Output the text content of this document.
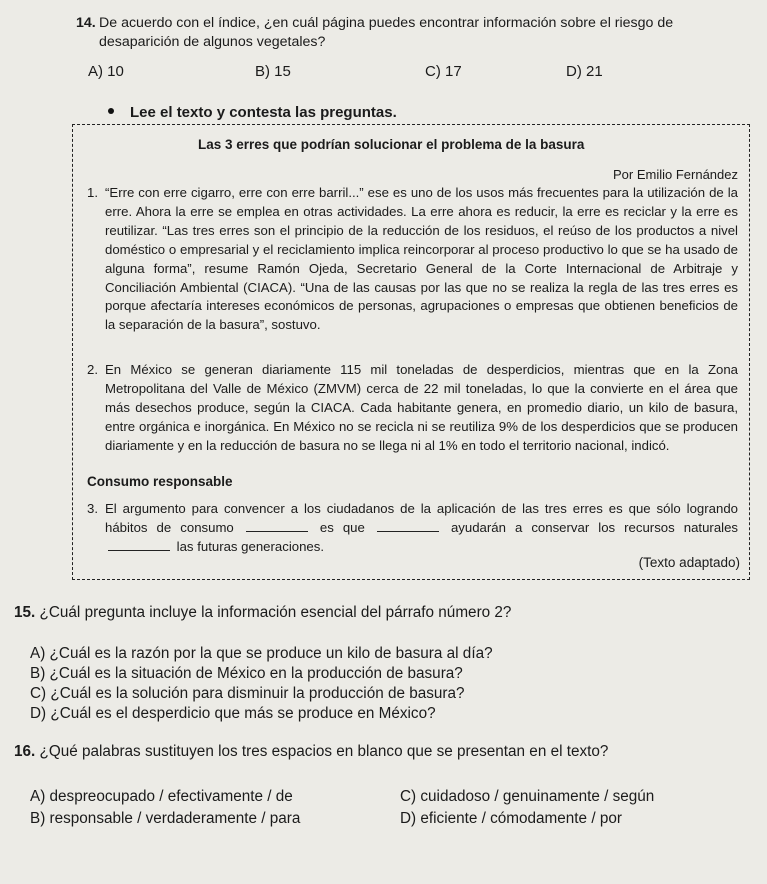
14. De acuerdo con el índice, ¿en cuál página puedes encontrar información sobre el riesgo de desaparición de algunos vegetales?
A) 10	B) 15	C) 17	D) 21
Lee el texto y contesta las preguntas.
Las 3 erres que podrían solucionar el problema de la basura
Por Emilio Fernández
1. “Erre con erre cigarro, erre con erre barril...” ese es uno de los usos más frecuentes para la utilización de la erre. Ahora la erre se emplea en otras actividades. La erre ahora es reducir, la erre es reciclar y la erre es reutilizar. “Las tres erres son el principio de la reducción de los residuos, el reúso de los productos a nivel doméstico o empresarial y el reciclamiento implica reincorporar al proceso productivo lo que se ha usado de alguna forma”, resume Ramón Ojeda, Secretario General de la Corte Internacional de Arbitraje y Conciliación Ambiental (CIACA). “Una de las causas por las que no se realiza la regla de las tres erres es porque afectaría intereses económicos de personas, agrupaciones o empresas que obtienen beneficios de la separación de la basura”, sostuvo.
2. En México se generan diariamente 115 mil toneladas de desperdicios, mientras que en la Zona Metropolitana del Valle de México (ZMVM) cerca de 22 mil toneladas, lo que la convierte en el área que más desechos produce, según la CIACA. Cada habitante genera, en promedio diario, un kilo de basura, entre orgánica e inorgánica. En México no se recicla ni se reutiliza 9% de los desperdicios que se producen diariamente y en la reducción de basura no se llega ni al 1% en todo el territorio nacional, indicó.
Consumo responsable
3. El argumento para convencer a los ciudadanos de la aplicación de las tres erres es que sólo logrando hábitos de consumo	es que	ayudarán a conservar los recursos naturales  las futuras generaciones.
(Texto adaptado)
15. ¿Cuál pregunta incluye la información esencial del párrafo número 2?
A) ¿Cuál es la razón por la que se produce un kilo de basura al día?
B) ¿Cuál es la situación de México en la producción de basura?
C) ¿Cuál es la solución para disminuir la producción de basura?
D) ¿Cuál es el desperdicio que más se produce en México?
16. ¿Qué palabras sustituyen los tres espacios en blanco que se presentan en el texto?
A) despreocupado / efectivamente / de	C) cuidadoso / genuinamente / según
B) responsable / verdaderamente / para	D) eficiente / cómodamente / por
